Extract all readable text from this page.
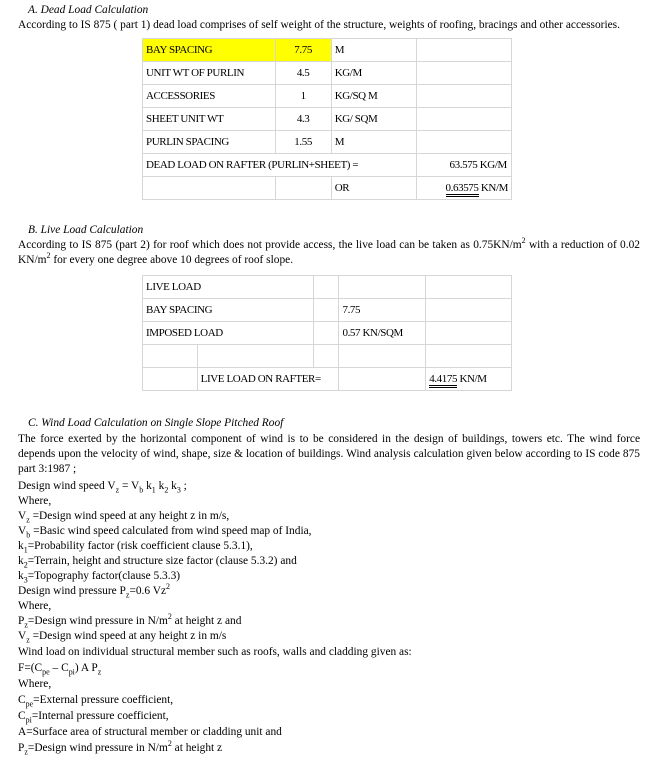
A. Dead Load Calculation
According to IS 875 ( part 1) dead load comprises of self weight of the structure, weights of roofing, bracings and other accessories.
BAY SPACING	7.75	M	
UNIT WT OF PURLIN	4.5	KG/M	
ACCESSORIES	1	KG/SQ M	
SHEET UNIT WT	4.3	KG/ SQM	
PURLIN SPACING	1.55	M	
DEAD LOAD ON RAFTER (PURLIN+SHEET) =			63.575 KG/M
		OR	0.63575 KN/M
B. Live Load Calculation
According to IS 875 (part 2) for roof which does not provide access, the live load can be taken as $0.75KN/m^2$ with a reduction of 0.02 $KN/m^2$ for every one degree above 10 degrees of roof slope.
LIVE LOAD				
BAY SPACING			7.75	
IMPOSED LOAD			0.57 KN/SQM	

	LIVE LOAD ON RAFTER=			4.4175 KN/M
C. Wind Load Calculation on Single Slope Pitched Roof
The force exerted by the horizontal component of wind is to be considered in the design of buildings, towers etc. The wind force depends upon the velocity of wind, shape, size & location of buildings. Wind analysis calculation given below according to IS code 875 part 3:1987 ;
Design wind speed $V_z = V_b$ $k_1$ $k_2$ $k_3$ ;
Where,
$V_z$ =Design wind speed at any height z in m/s,
$V_b$ =Basic wind speed calculated from wind speed map of India,
$k_1=Probability$ factor (risk coefficient clause 5.3.1),
$k_2=Terrain$, height and structure size factor (clause 5.3.2) and
$k_3=Topography$ factor(clause 5.3.3)
Design wind pressure $P_z=0.6$ Vz$^2$
Where,
$P_z=Design$ wind pressure in $N/m^2$ at height z and
$V_z$ =Design wind speed at any height z in m/s
Wind load on individual structural member such as roofs, walls and cladding given as:
$F=(C_{pe} - C_{pi})$ A $P_z$
Where,
$C_{pe}=External$ pressure coefficient,
$C_{pi}=Internal$ pressure coefficient,
A=Surface area of structural member or cladding unit and
$P_z=Design$ wind pressure in $N/m^2$ at height z
